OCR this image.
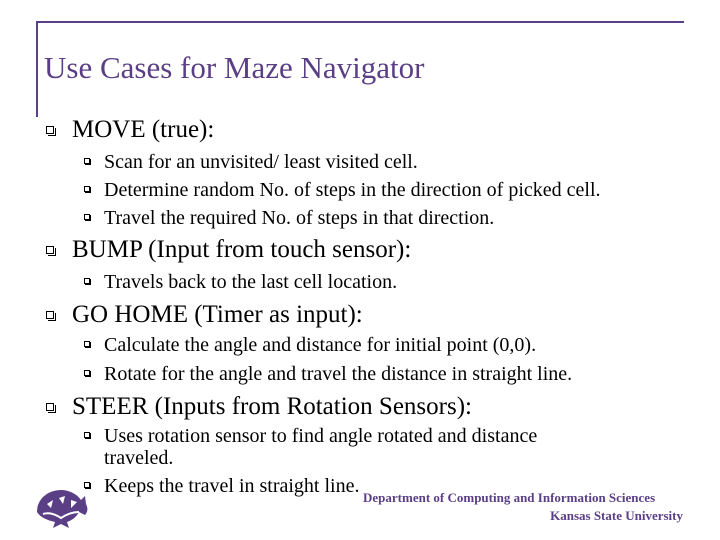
Use Cases for Maze Navigator
MOVE (true):
Scan for an unvisited/ least visited cell.
Determine random No. of steps in the direction of picked cell.
Travel the required No. of steps in that direction.
BUMP (Input from touch sensor):
Travels back to the last cell location.
GO HOME (Timer as input):
Calculate the angle and distance for initial point (0,0).
Rotate for the angle and travel the distance in straight line.
STEER (Inputs from Rotation Sensors):
Uses rotation sensor to find angle rotated and distance
traveled.
Keeps the travel in straight line.
Department of Computing and Information Sciences
Kansas State University
